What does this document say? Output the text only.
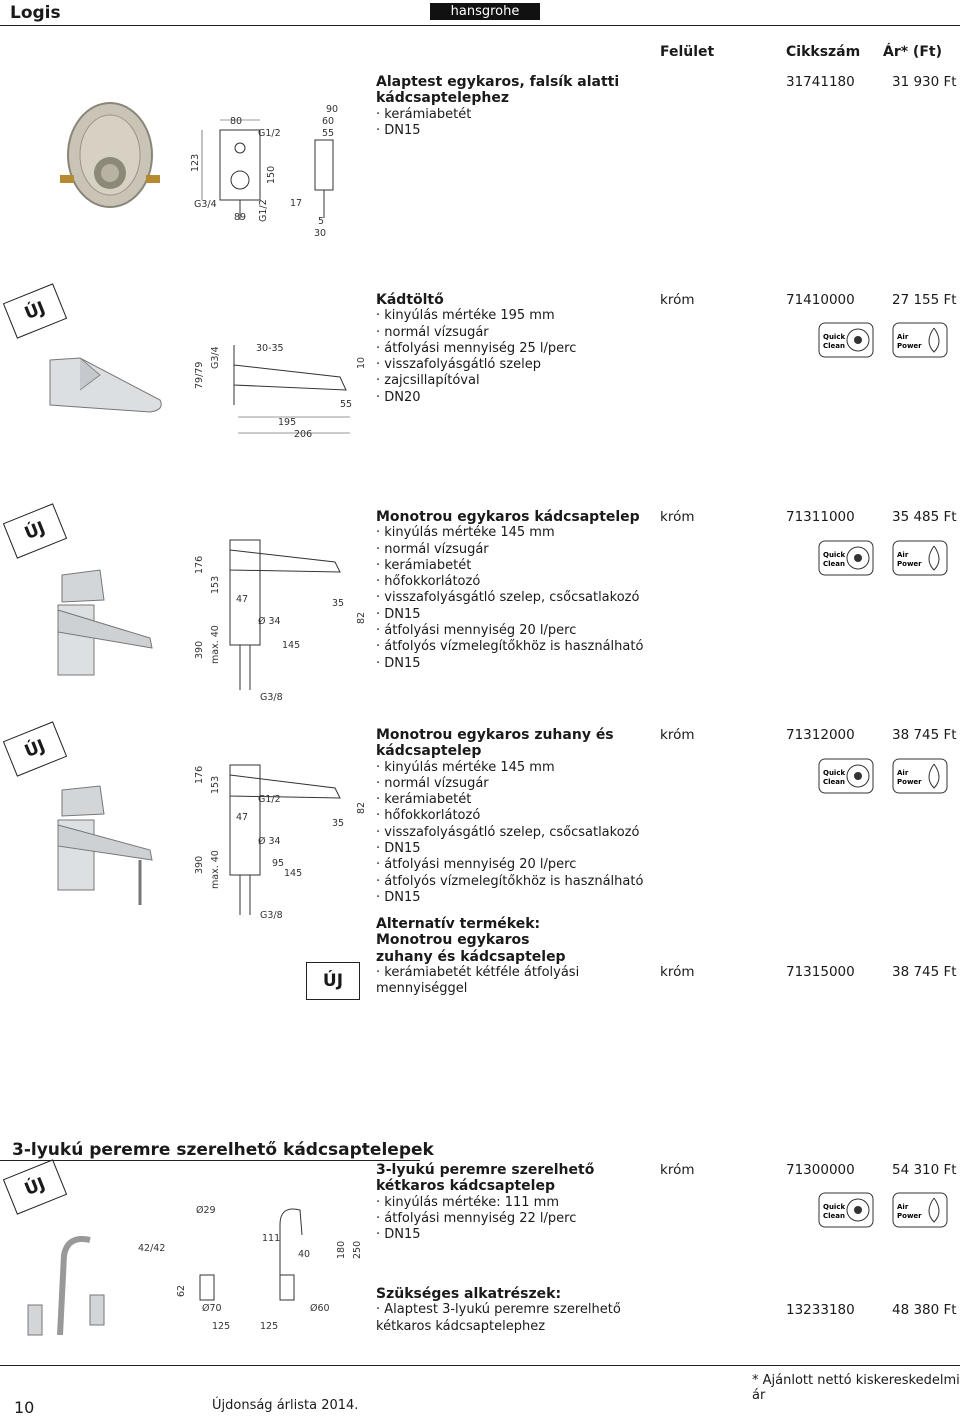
Logis	hansgrohe
Felület	Cikkszám Ár* (Ft)
123
80
G1/2
90
60
55
150
G3/4
89 G1/2 17
5
30
Alaptest egykaros, falsík alatti kádcsaptelephez
· kerámiabetét
· DN15
31741180	31 930 Ft
ÚJ
79/79
G3/4	30-35
10
195
206
55
Kádtöltő
· kinyúlás mértéke 195 mm
· normál vízsugár
· átfolyási mennyiség 25 l/perc
· visszafolyásgátló szelep
· zajcsillapítóval
· DN20
króm	71410000	27 155 Ft
Quick
Clean
Air
Power
ÚJ
176
153
390 max. 40
47
Ø 34
145
35
82
G3/8
Monotrou egykaros kádcsaptelep
· kinyúlás mértéke 145 mm
· normál vízsugár
· kerámiabetét
· hőfokkorlátozó
· visszafolyásgátló szelep, csőcsatlakozó
· DN15
· átfolyási mennyiség 20 l/perc
· átfolyós vízmelegítőkhöz is használható
· DN15
króm	71311000	35 485 Ft
Quick
Clean
Air
Power
ÚJ
176
153
390 max. 40
G1/2
47
Ø 34
95
145
35
82
G3/8
Monotrou egykaros zuhany és kádcsaptelep
· kinyúlás mértéke 145 mm
· normál vízsugár
· kerámiabetét
· hőfokkorlátozó
· visszafolyásgátló szelep, csőcsatlakozó
· DN15
· átfolyási mennyiség 20 l/perc
· átfolyós vízmelegítőkhöz is használható
· DN15
króm	71312000	38 745 Ft
Quick
Clean
Air
Power
ÚJ
Alternatív termékek:
Monotrou egykaros zuhany és kádcsaptelep
· kerámiabetét kétféle átfolyási mennyiséggel
króm	71315000	38 745 Ft
3-lyukú peremre szerelhető kádcsaptelepek
ÚJ
Ø29
42/42
111
40	180 250
62
Ø70	Ø60
125	125
3-lyukú peremre szerelhető kétkaros kádcsaptelep
· kinyúlás mértéke: 111 mm
· átfolyási mennyiség 22 l/perc
· DN15
króm	71300000	54 310 Ft
Quick
Clean
Air
Power
Szükséges alkatrészek:
· Alaptest 3-lyukú peremre szerelhető kétkaros kádcsaptelephez
13233180	48 380 Ft
10	Újdonság árlista 2014.
* Ajánlott nettó kiskereskedelmi ár
